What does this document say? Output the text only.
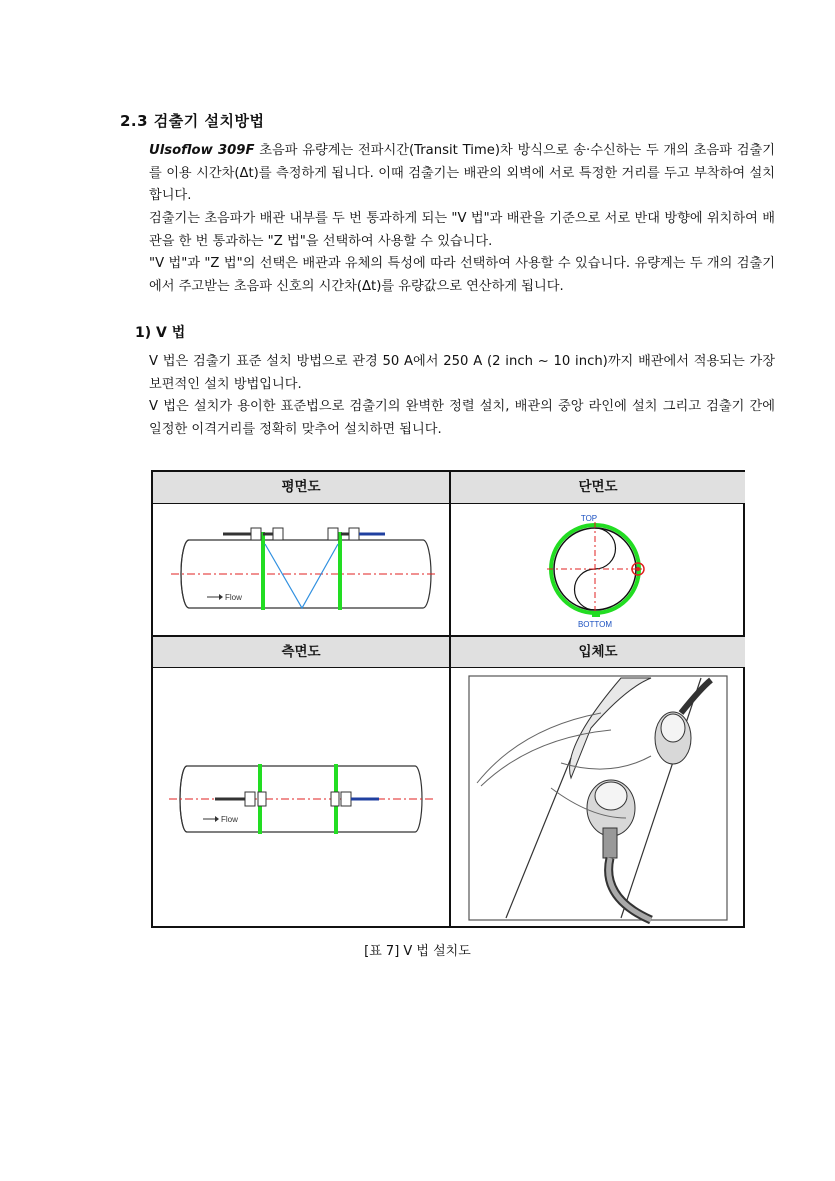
2.3 검출기 설치방법
Ulsoflow 309F 초음파 유량계는 전파시간(Transit Time)차 방식으로 송·수신하는 두 개의 초음파 검출기를 이용 시간차(Δt)를 측정하게 됩니다. 이때 검출기는 배관의 외벽에 서로 특정한 거리를 두고 부착하여 설치합니다.
검출기는 초음파가 배관 내부를 두 번 통과하게 되는 "V 법"과 배관을 기준으로 서로 반대 방향에 위치하여 배관을 한 번 통과하는 "Z 법"을 선택하여 사용할 수 있습니다.
"V 법"과 "Z 법"의 선택은 배관과 유체의 특성에 따라 선택하여 사용할 수 있습니다. 유량계는 두 개의 검출기에서 주고받는 초음파 신호의 시간차(Δt)를 유량값으로 연산하게 됩니다.
1) V 법
V 법은 검출기 표준 설치 방법으로 관경 50 A에서 250 A (2 inch ~ 10 inch)까지 배관에서 적용되는 가장 보편적인 설치 방법입니다.
V 법은 설치가 용이한 표준법으로 검출기의 완벽한 정렬 설치, 배관의 중앙 라인에 설치 그리고 검출기 간에 일정한 이격거리를 정확히 맞추어 설치하면 됩니다.
평면도
Flow
단면도
TOP
BOTTOM
측면도
Flow
입체도
[표 7] V 법 설치도
